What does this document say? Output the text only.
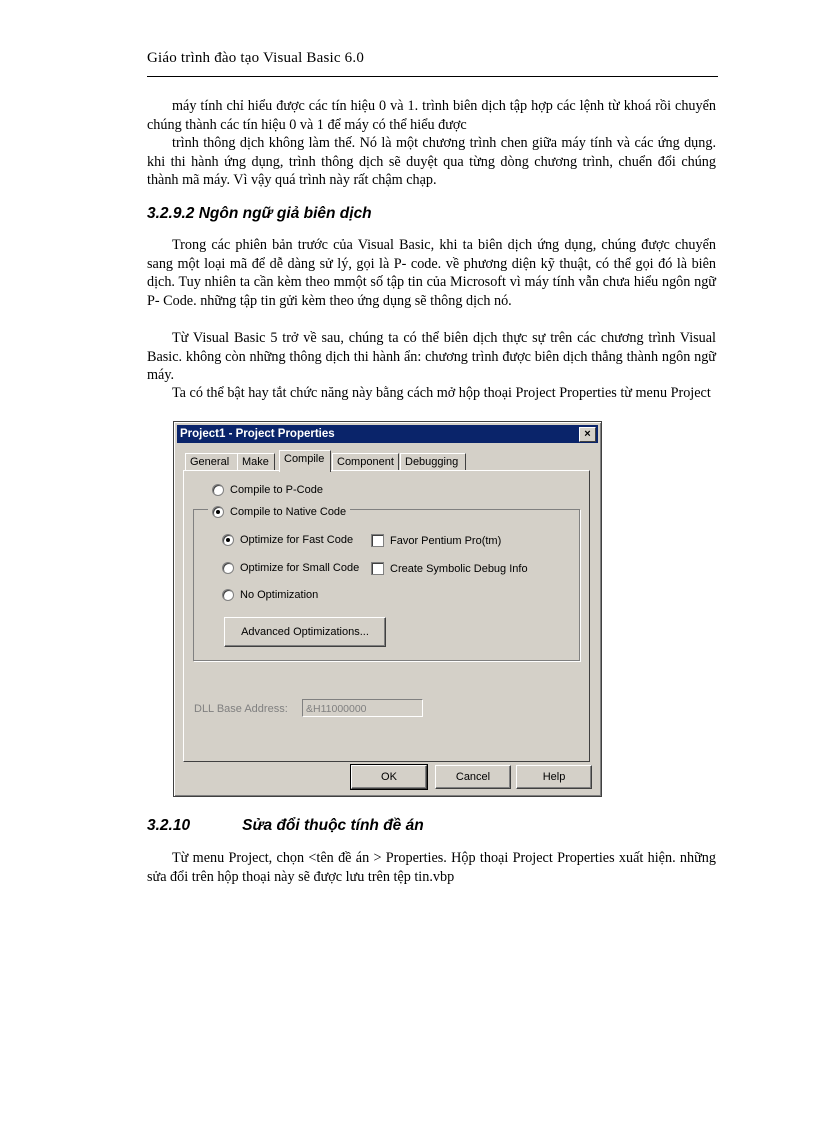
Giáo trình đào tạo Visual Basic 6.0
máy tính chỉ hiểu được các tín hiệu 0 và 1. trình biên dịch tập hợp các lệnh từ khoá rồi chuyển chúng thành các tín hiệu 0 và 1 để máy có thể hiểu được
trình thông dịch không làm thế. Nó là một chương trình chen giữa máy tính và các ứng dụng. khi thi hành ứng dụng, trình thông dịch sẽ duyệt qua từng dòng chương trình, chuển đổi chúng thành mã máy. Vì vậy quá trình này rất chậm chạp.
3.2.9.2 Ngôn ngữ giả biên dịch
Trong các phiên bản trước của Visual Basic, khi ta biên dịch ứng dụng, chúng được chuyển sang một loại mã để dễ dàng sử lý, gọi là P- code. về phương diện kỹ thuật, có thể gọi đó là biên dịch. Tuy nhiên ta cần kèm theo mmột số tập tin của Microsoft vì máy tính vẫn chưa hiểu ngôn ngữ P- Code. những tập tin gửi kèm theo ứng dụng sẽ thông dịch nó.
Từ Visual Basic 5 trở về sau, chúng ta có thể biên dịch thực sự trên các chương trình Visual Basic. không còn những thông dịch thi hành ẩn: chương trình được biên dịch thẳng thành ngôn ngữ máy.
Ta có thể bật hay tắt chức năng này bằng cách mở hộp thoại Project Properties từ menu Project
Project1 - Project Properties	×
General	Make	Compile	Component	Debugging
Compile to P-Code
Compile to Native Code
Optimize for Fast Code
Optimize for Small Code
No Optimization
Favor Pentium Pro(tm)
Create Symbolic Debug Info
Advanced Optimizations...
DLL Base Address:	&H11000000
OK	Cancel	Help
3.2.10	Sửa đổi thuộc tính đề án
Từ menu Project, chọn <tên đề án > Properties. Hộp thoại Project Properties xuất hiện. những sửa đổi trên hộp thoại này sẽ được lưu trên tệp tin.vbp
